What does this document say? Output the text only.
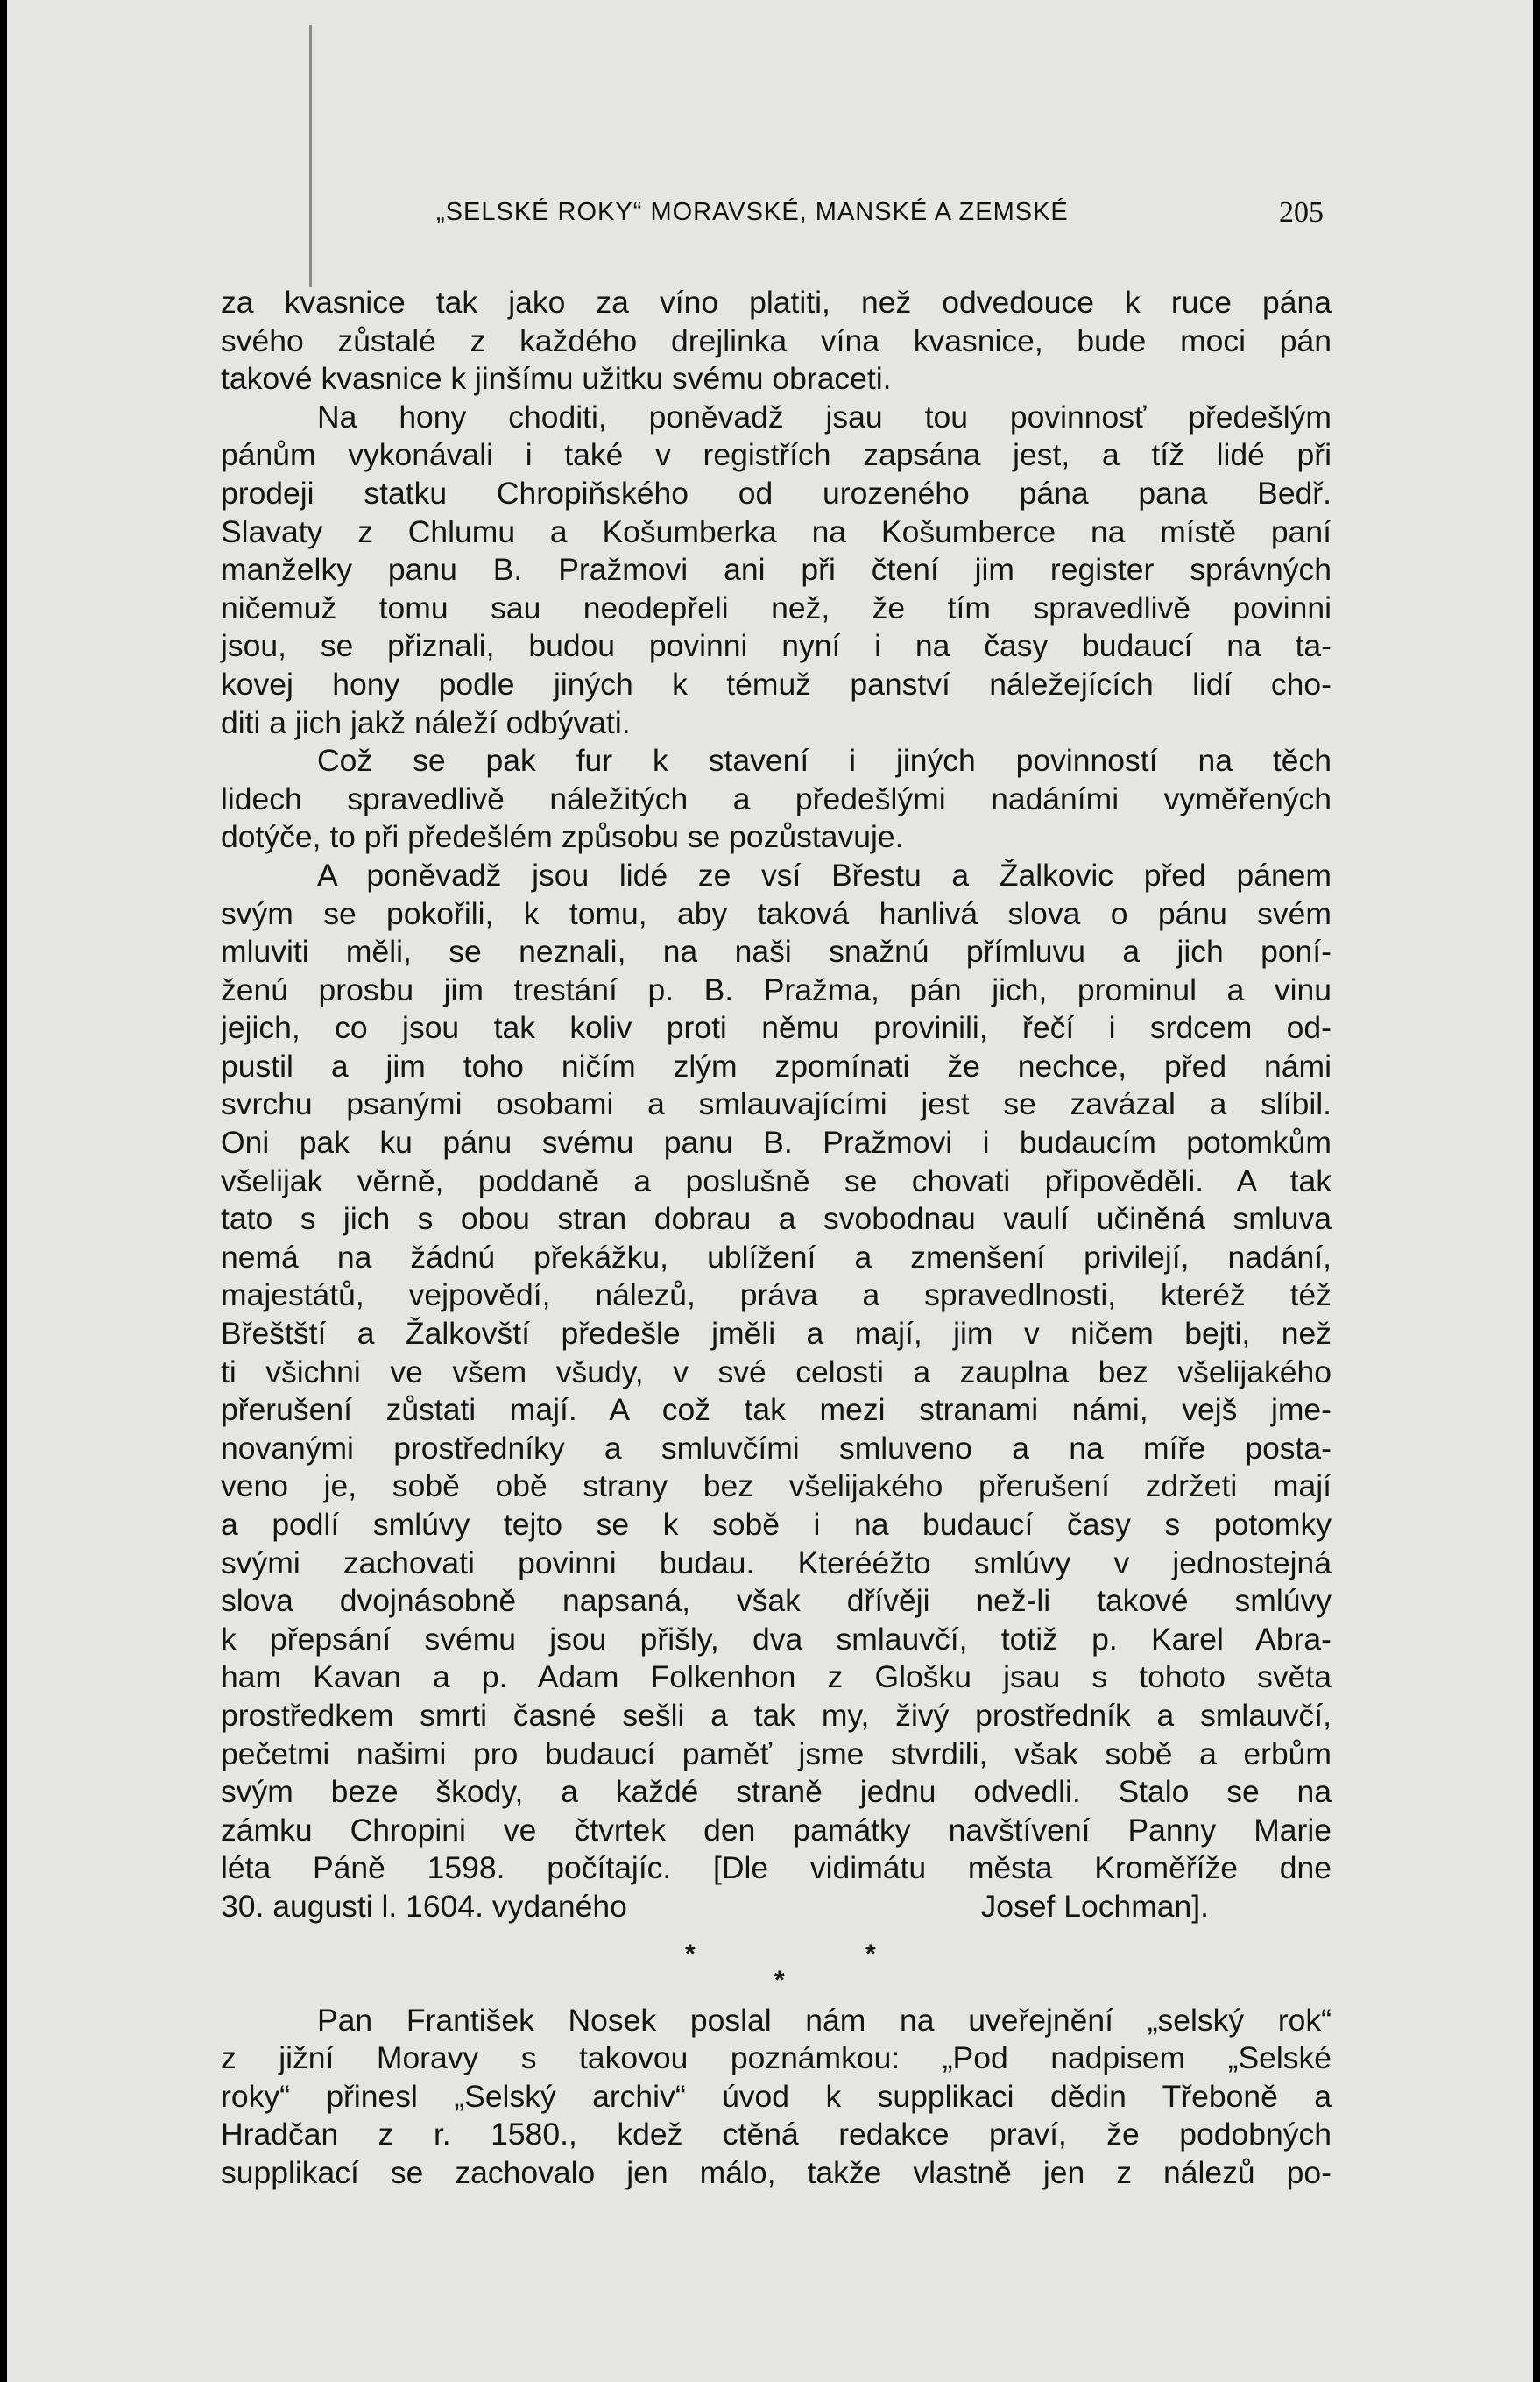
„SELSKÉ ROKY“ MORAVSKÉ, MANSKÉ A ZEMSKÉ	205
za kvasnice tak jako za víno platiti, než odvedouce k ruce pána
svého zůstalé z každého drejlinka vína kvasnice, bude moci pán
takové kvasnice k jinšímu užitku svému obraceti.
Na hony choditi, poněvadž jsau tou povinnosť předešlým
pánům vykonávali i také v registřích zapsána jest, a tíž lidé při
prodeji statku Chropiňského od urozeného pána pana Bedř.
Slavaty z Chlumu a Košumberka na Košumberce na místě paní
manželky panu B. Pražmovi ani při čtení jim register správných
ničemuž tomu sau neodepřeli než, že tím spravedlivě povinni
jsou, se přiznali, budou povinni nyní i na časy budaucí na ta-
kovej hony podle jiných k témuž panství náležejících lidí cho-
diti a jich jakž náleží odbývati.
Což se pak fur k stavení i jiných povinností na těch
lidech spravedlivě náležitých a předešlými nadáními vyměřených
dotýče, to při předešlém způsobu se pozůstavuje.
A poněvadž jsou lidé ze vsí Břestu a Žalkovic před pánem
svým se pokořili, k tomu, aby taková hanlivá slova o pánu svém
mluviti měli, se neznali, na naši snažnú přímluvu a jich poní-
ženú prosbu jim trestání p. B. Pražma, pán jich, prominul a vinu
jejich, co jsou tak koliv proti němu provinili, řečí i srdcem od-
pustil a jim toho ničím zlým zpomínati že nechce, před námi
svrchu psanými osobami a smlauvajícími jest se zavázal a slíbil.
Oni pak ku pánu svému panu B. Pražmovi i budaucím potomkům
všelijak věrně, poddaně a poslušně se chovati připověděli. A tak
tato s jich s obou stran dobrau a svobodnau vaulí učiněná smluva
nemá na žádnú překážku, ublížení a zmenšení privilejí, nadání,
majestátů, vejpovědí, nálezů, práva a spravedlnosti, kteréž též
Břeštští a Žalkovští předešle jměli a mají, jim v ničem bejti, než
ti všichni ve všem všudy, v své celosti a zauplna bez všelijakého
přerušení zůstati mají. A což tak mezi stranami námi, vejš jme-
novanými prostředníky a smluvčími smluveno a na míře posta-
veno je, sobě obě strany bez všelijakého přerušení zdržeti mají
a podlí smlúvy tejto se k sobě i na budaucí časy s potomky
svými zachovati povinni budau. Kterééžto smlúvy v jednostejná
slova dvojnásobně napsaná, však dřívěji než-li takové smlúvy
k přepsání svému jsou přišly, dva smlauvčí, totiž p. Karel Abra-
ham Kavan a p. Adam Folkenhon z Glošku jsau s tohoto světa
prostředkem smrti časné sešli a tak my, živý prostředník a smlauvčí,
pečetmi našimi pro budaucí paměť jsme stvrdili, však sobě a erbům
svým beze škody, a každé straně jednu odvedli. Stalo se na
zámku Chropini ve čtvrtek den památky navštívení Panny Marie
léta Páně 1598. počítajíc. [Dle vidimátu města Kroměříže dne
30. augusti l. 1604. vydaného	Josef Lochman].
*	*
*
Pan František Nosek poslal nám na uveřejnění „selský rok“
z jižní Moravy s takovou poznámkou: „Pod nadpisem „Selské
roky“ přinesl „Selský archiv“ úvod k supplikaci dědin Třeboně a
Hradčan z r. 1580., kdež ctěná redakce praví, že podobných
supplikací se zachovalo jen málo, takže vlastně jen z nálezů po-
